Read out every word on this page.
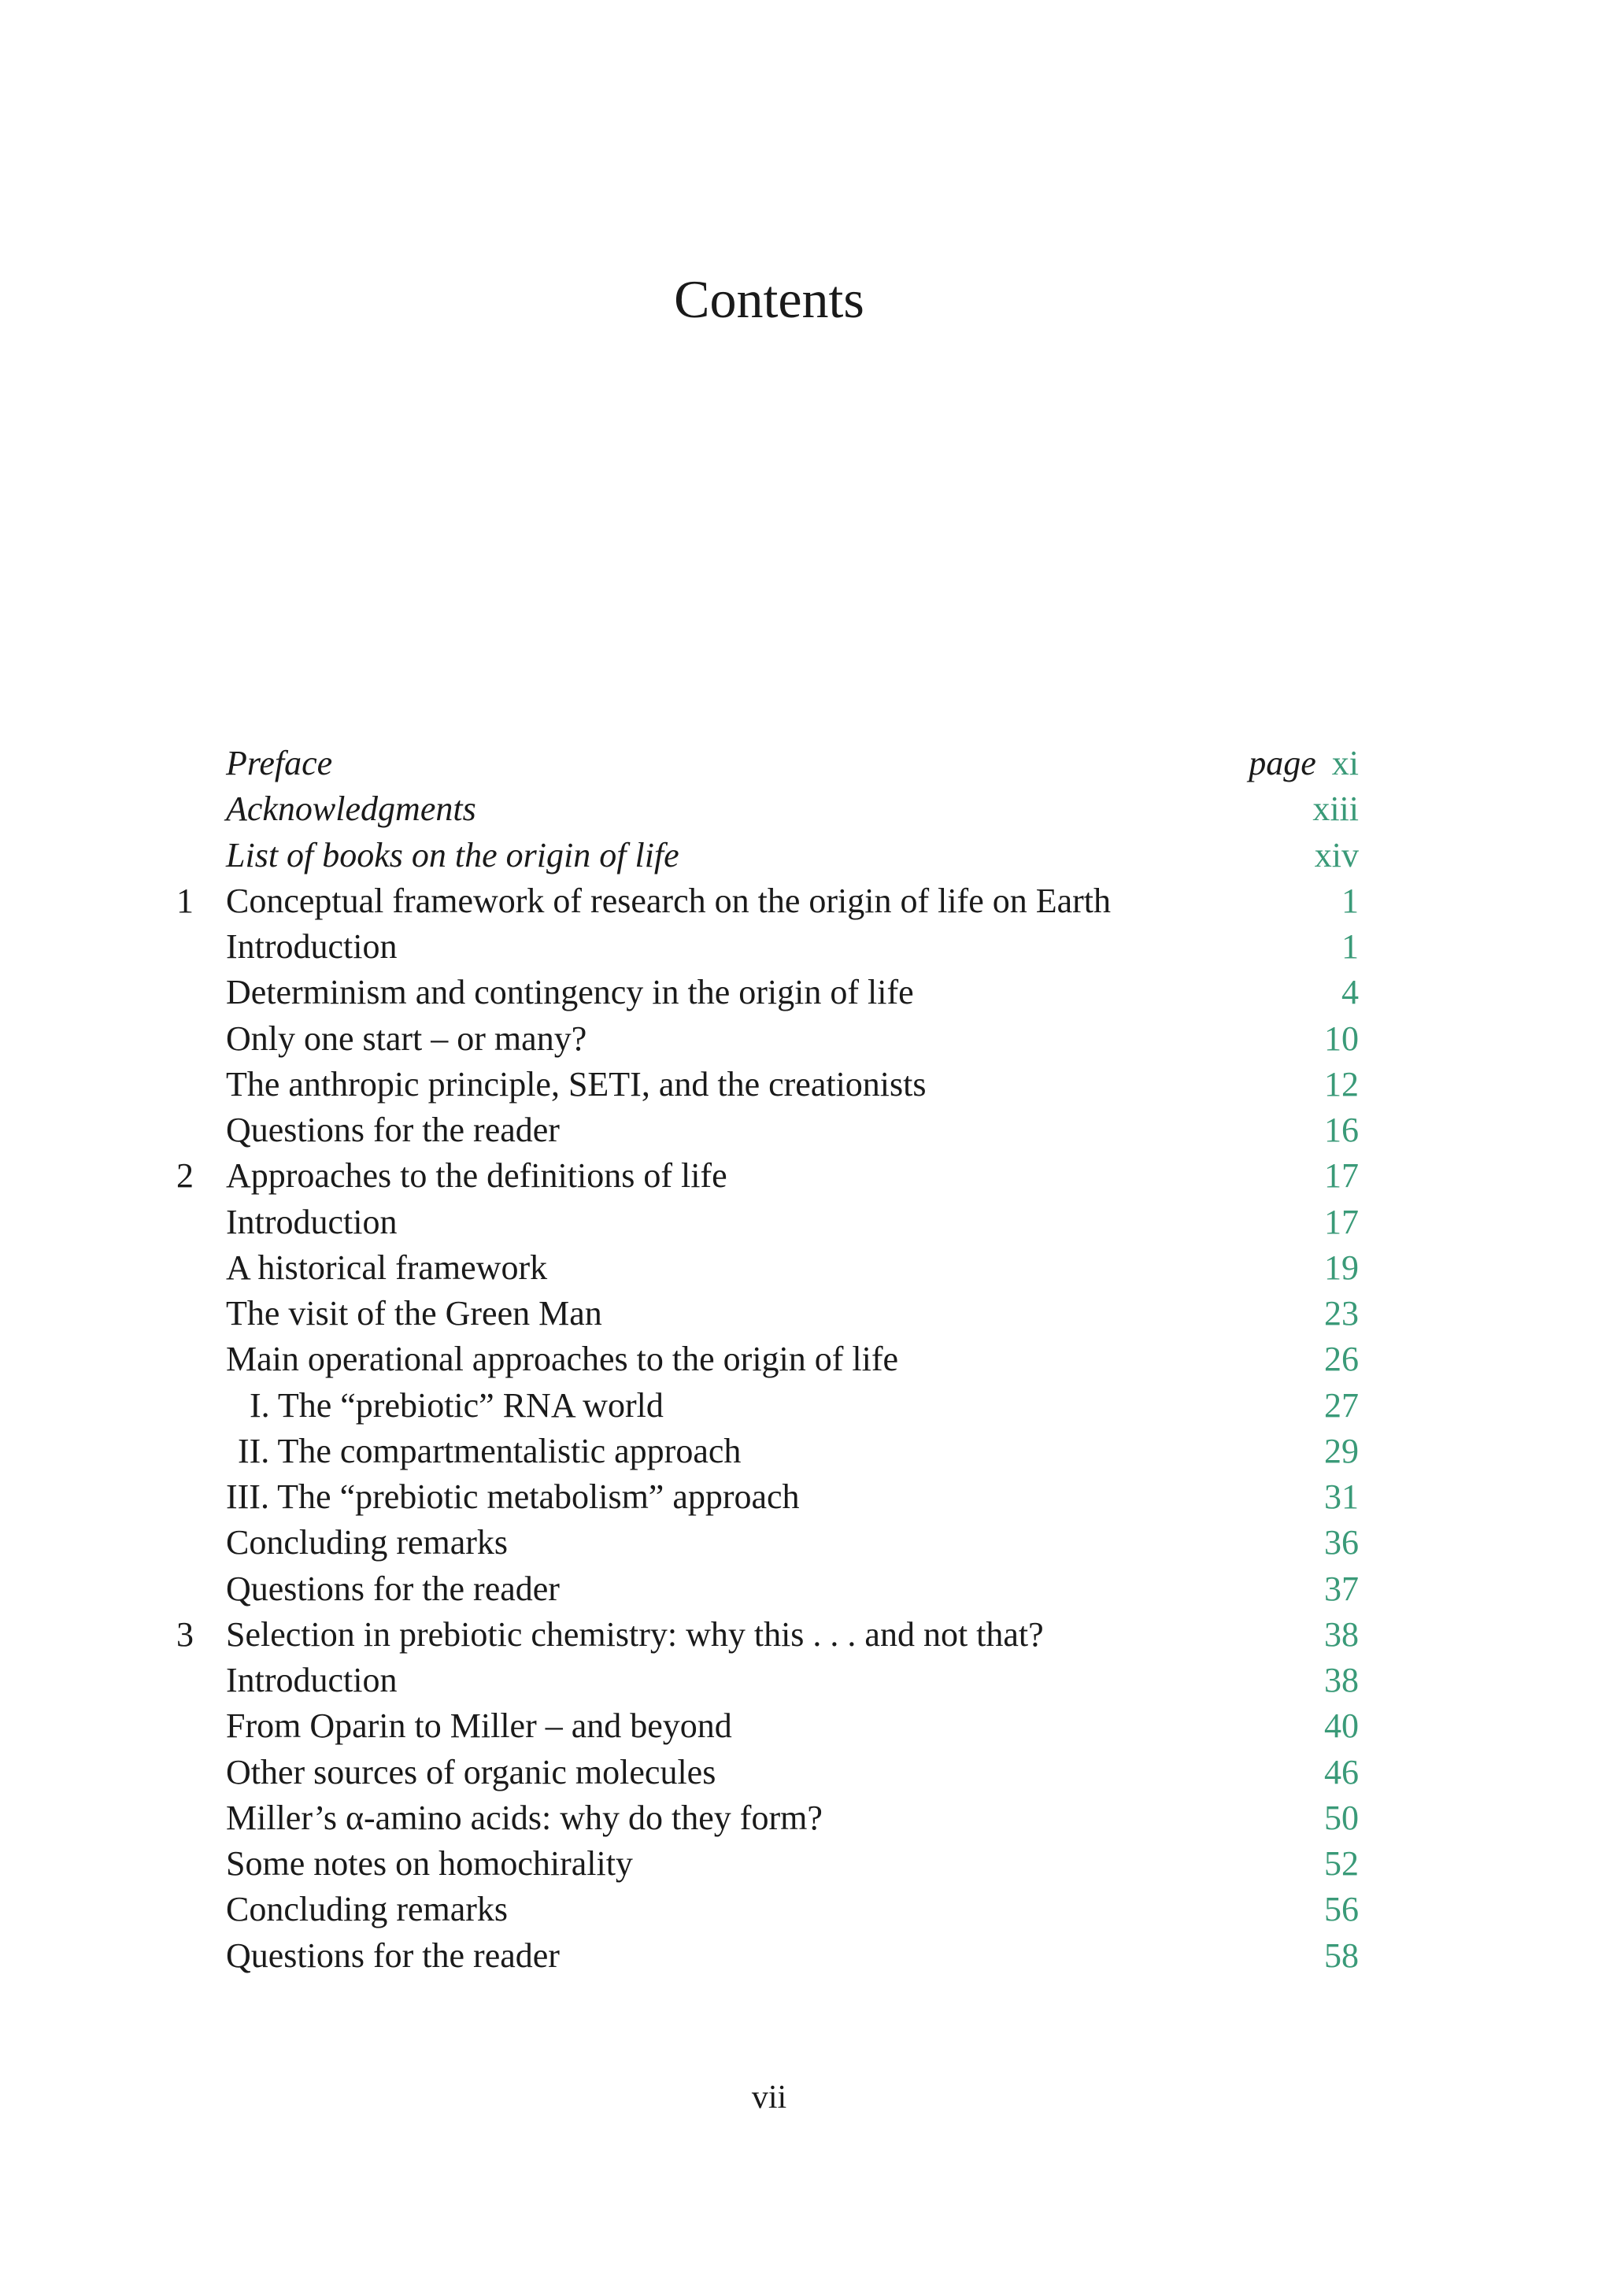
Contents
Preface	page xi
Acknowledgments	xiii
List of books on the origin of life	xiv
1 Conceptual framework of research on the origin of life on Earth	1
Introduction	1
Determinism and contingency in the origin of life	4
Only one start – or many?	10
The anthropic principle, SETI, and the creationists	12
Questions for the reader	16
2 Approaches to the definitions of life	17
Introduction	17
A historical framework	19
The visit of the Green Man	23
Main operational approaches to the origin of life	26
I. The “prebiotic” RNA world	27
II. The compartmentalistic approach	29
III. The “prebiotic metabolism” approach	31
Concluding remarks	36
Questions for the reader	37
3 Selection in prebiotic chemistry: why this . . . and not that?	38
Introduction	38
From Oparin to Miller – and beyond	40
Other sources of organic molecules	46
Miller’s α-amino acids: why do they form?	50
Some notes on homochirality	52
Concluding remarks	56
Questions for the reader	58
vii
